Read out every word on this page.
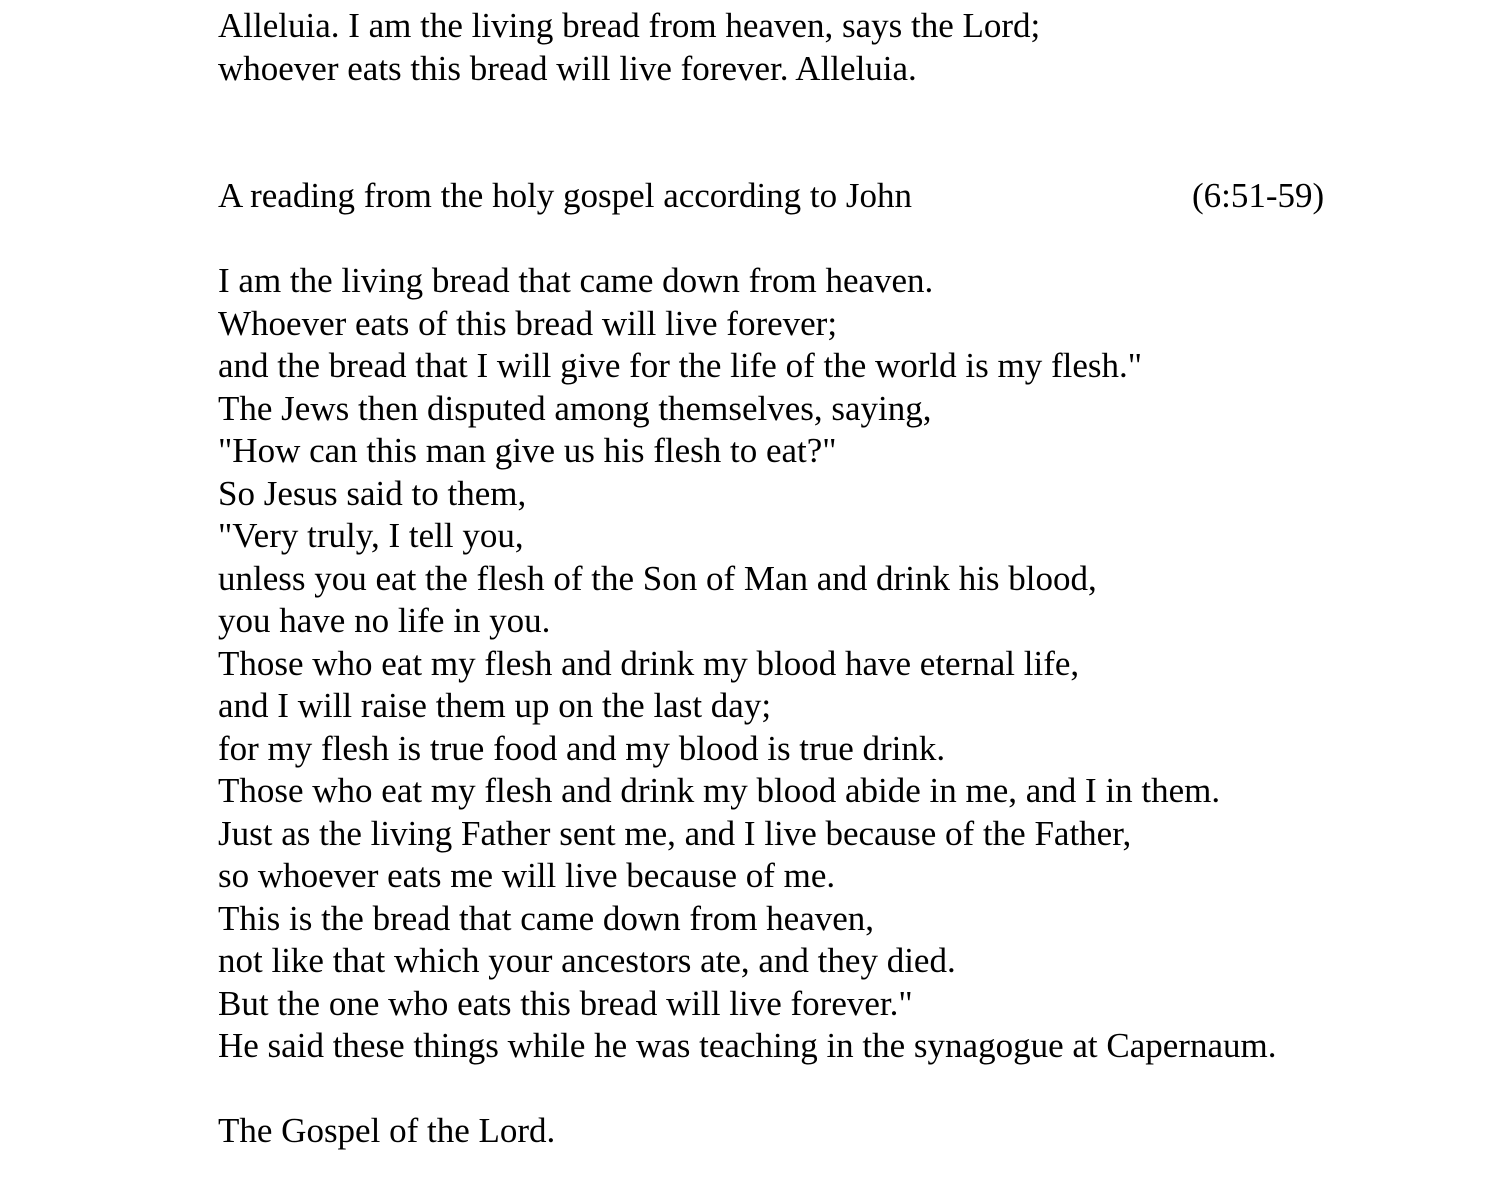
Alleluia. I am the living bread from heaven, says the Lord;
whoever eats this bread will live forever. Alleluia.
A reading from the holy gospel according to John	(6:51-59)
I am the living bread that came down from heaven.
Whoever eats of this bread will live forever;
and the bread that I will give for the life of the world is my flesh."
The Jews then disputed among themselves, saying,
"How can this man give us his flesh to eat?"
So Jesus said to them,
"Very truly, I tell you,
unless you eat the flesh of the Son of Man and drink his blood,
you have no life in you.
Those who eat my flesh and drink my blood have eternal life,
and I will raise them up on the last day;
for my flesh is true food and my blood is true drink.
Those who eat my flesh and drink my blood abide in me, and I in them.
Just as the living Father sent me, and I live because of the Father,
so whoever eats me will live because of me.
This is the bread that came down from heaven,
not like that which your ancestors ate, and they died.
But the one who eats this bread will live forever."
He said these things while he was teaching in the synagogue at Capernaum.
The Gospel of the Lord.
